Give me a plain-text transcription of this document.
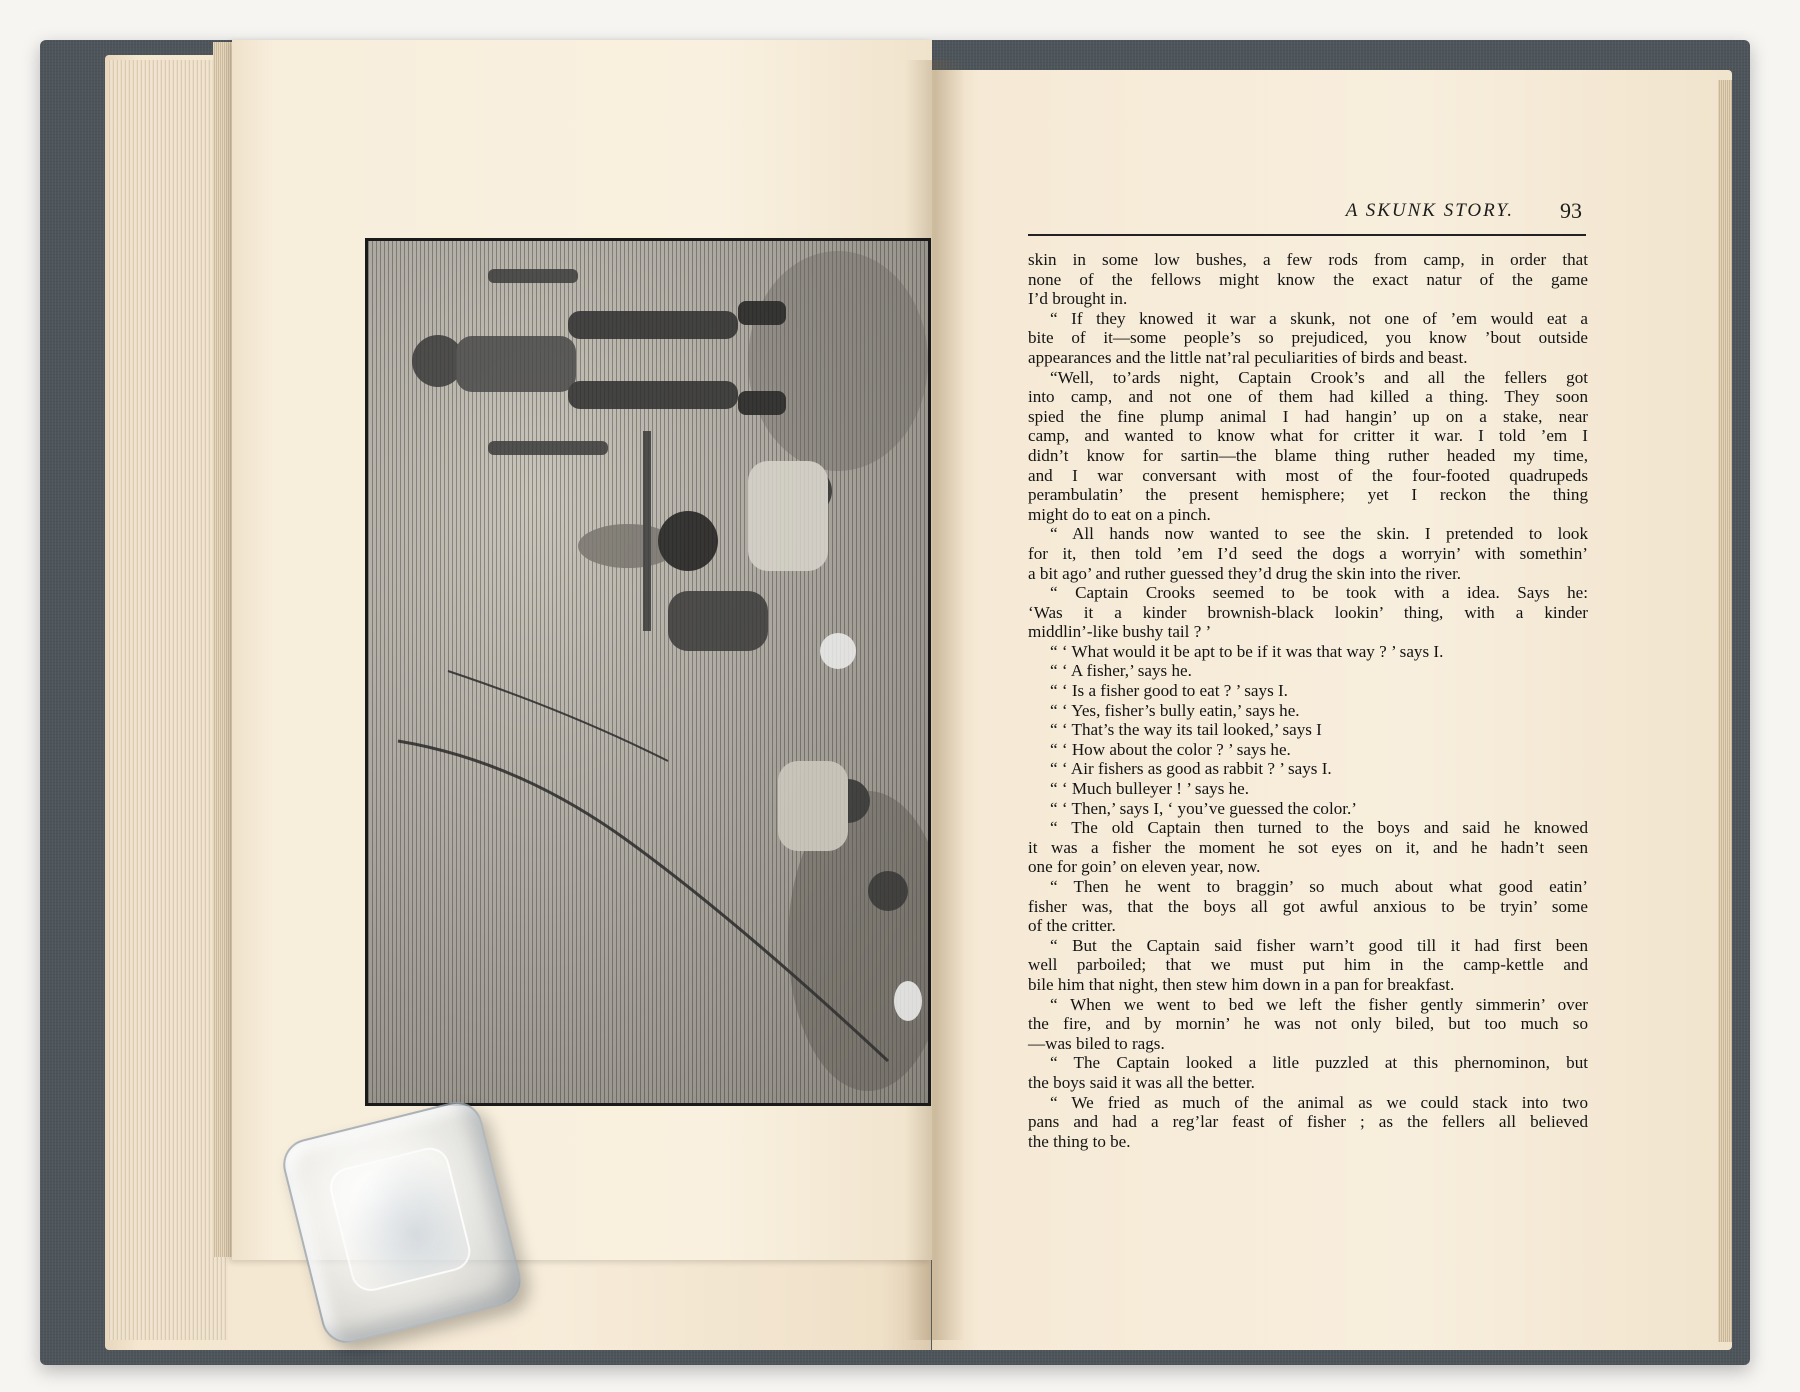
A SKUNK STORY. 93
skin in some low bushes, a few rods from camp, in order that
none of the fellows might know the exact natur of the game
I’d brought in.
“ If they knowed it war a skunk, not one of ’em would eat a
bite of it—some people’s so prejudiced, you know ’bout outside
appearances and the little nat’ral peculiarities of birds and beast.
“Well, to’ards night, Captain Crook’s and all the fellers got
into camp, and not one of them had killed a thing. They soon
spied the fine plump animal I had hangin’ up on a stake, near
camp, and wanted to know what for critter it war. I told ’em I
didn’t know for sartin—the blame thing ruther headed my time,
and I war conversant with most of the four-footed quadrupeds
perambulatin’ the present hemisphere; yet I reckon the thing
might do to eat on a pinch.
“ All hands now wanted to see the skin. I pretended to look
for it, then told ’em I’d seed the dogs a worryin’ with somethin’
a bit ago’ and ruther guessed they’d drug the skin into the river.
“ Captain Crooks seemed to be took with a idea. Says he:
‘Was it a kinder brownish-black lookin’ thing, with a kinder
middlin’-like bushy tail ? ’
“ ‘ What would it be apt to be if it was that way ? ’ says I.
“ ‘ A fisher,’ says he.
“ ‘ Is a fisher good to eat ? ’ says I.
“ ‘ Yes, fisher’s bully eatin,’ says he.
“ ‘ That’s the way its tail looked,’ says I
“ ‘ How about the color ? ’ says he.
“ ‘ Air fishers as good as rabbit ? ’ says I.
“ ‘ Much bulleyer ! ’ says he.
“ ‘ Then,’ says I, ‘ you’ve guessed the color.’
“ The old Captain then turned to the boys and said he knowed
it was a fisher the moment he sot eyes on it, and he hadn’t seen
one for goin’ on eleven year, now.
“ Then he went to braggin’ so much about what good eatin’
fisher was, that the boys all got awful anxious to be tryin’ some
of the critter.
“ But the Captain said fisher warn’t good till it had first been
well parboiled; that we must put him in the camp-kettle and
bile him that night, then stew him down in a pan for breakfast.
“ When we went to bed we left the fisher gently simmerin’ over
the fire, and by mornin’ he was not only biled, but too much so
—was biled to rags.
“ The Captain looked a litle puzzled at this phernominon, but
the boys said it was all the better.
“ We fried as much of the animal as we could stack into two
pans and had a reg’lar feast of fisher ; as the fellers all believed
the thing to be.
